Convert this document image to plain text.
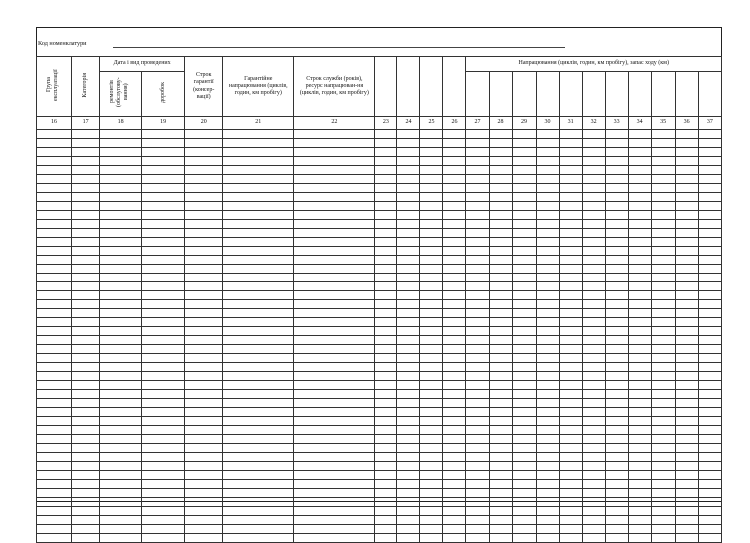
Код номенклатури
Група експлуатації	Категорія	Дата і вид проведених		Строк гарантії (консер-вації)	Гарантійне напрацювання (циклів, годин, км пробігу)	Строк служби (років), ресурс напрацюван-ня (циклів, годин, км пробігу)					Напрацювання (циклів, годин, км пробігу), запас ходу (км)										
		ремонтів (обслугову-вання)	доробок																		
16	17	18	19	20	21	22	23	24	25	26	27	28	29	30	31	32	33	34	35	36	37
